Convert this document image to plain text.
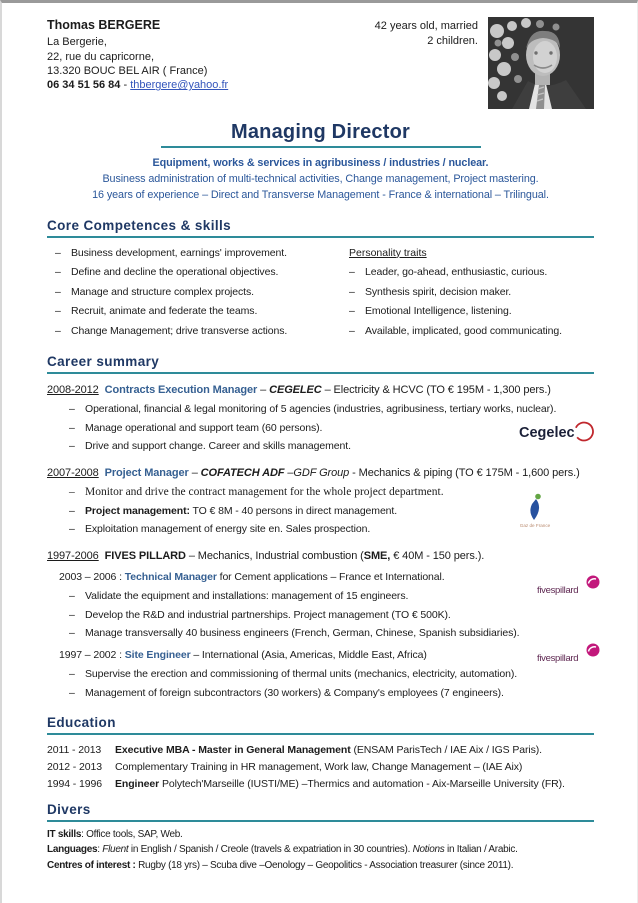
Thomas BERGERE
La Bergerie,
22, rue du capricorne,
13.320 BOUC BEL AIR ( France)
06 34 51 56 84 - thbergere@yahoo.fr
42 years old, married
2 children.
Managing Director
Equipment, works & services in agribusiness / industries / nuclear.
Business administration of multi-technical activities, Change management, Project mastering.
16 years of experience – Direct and Transverse Management - France & international – Trilingual.
Core Competences & skills
– Business development, earnings' improvement.
– Define and decline the operational objectives.
– Manage and structure complex projects.
– Recruit, animate and federate the teams.
– Change Management; drive transverse actions.
Personality traits
– Leader, go-ahead, enthusiastic, curious.
– Synthesis spirit, decision maker.
– Emotional Intelligence, listening.
– Available, implicated, good communicating.
Career summary
2008-2012 Contracts Execution Manager – CEGELEC – Electricity & HCVC (TO € 195M - 1,300 pers.)
– Operational, financial & legal monitoring of 5 agencies (industries, agribusiness, tertiary works, nuclear).
– Manage operational and support team (60 persons).
– Drive and support change. Career and skills management.
Cegelec
2007-2008 Project Manager – COFATECH ADF –GDF Group - Mechanics & piping (TO € 175M - 1,600 pers.)
– Monitor and drive the contract management for the whole project department.
– Project management: TO € 8M - 40 persons in direct management.
– Exploitation management of energy site en. Sales prospection.	Gaz de France
1997-2006 FIVES PILLARD – Mechanics, Industrial combustion (SME, € 40M - 150 pers.).
2003 – 2006 : Technical Manager for Cement applications – France et International.
– Validate the equipment and installations: management of 15 engineers.
– Develop the R&D and industrial partnerships. Project management (TO € 500K).
– Manage transversally 40 business engineers (French, German, Chinese, Spanish subsidiaries).
1997 – 2002 : Site Engineer – International (Asia, Americas, Middle East, Africa)
– Supervise the erection and commissioning of thermal units (mechanics, electricity, automation).
– Management of foreign subcontractors (30 workers) & Company's employees (7 engineers).
fivespillard
fivespillard
Education
2011 - 2013	Executive MBA - Master in General Management (ENSAM ParisTech / IAE Aix / IGS Paris).
2012 - 2013	Complementary Training in HR management, Work law, Change Management – (IAE Aix)
1994 - 1996	Engineer Polytech'Marseille (IUSTI/ME) –Thermics and automation - Aix-Marseille University (FR).
Divers
IT skills: Office tools, SAP, Web.
Languages: Fluent in English / Spanish / Creole (travels & expatriation in 30 countries). Notions in Italian / Arabic.
Centres of interest : Rugby (18 yrs) – Scuba dive –Oenology – Geopolitics - Association treasurer (since 2011).
